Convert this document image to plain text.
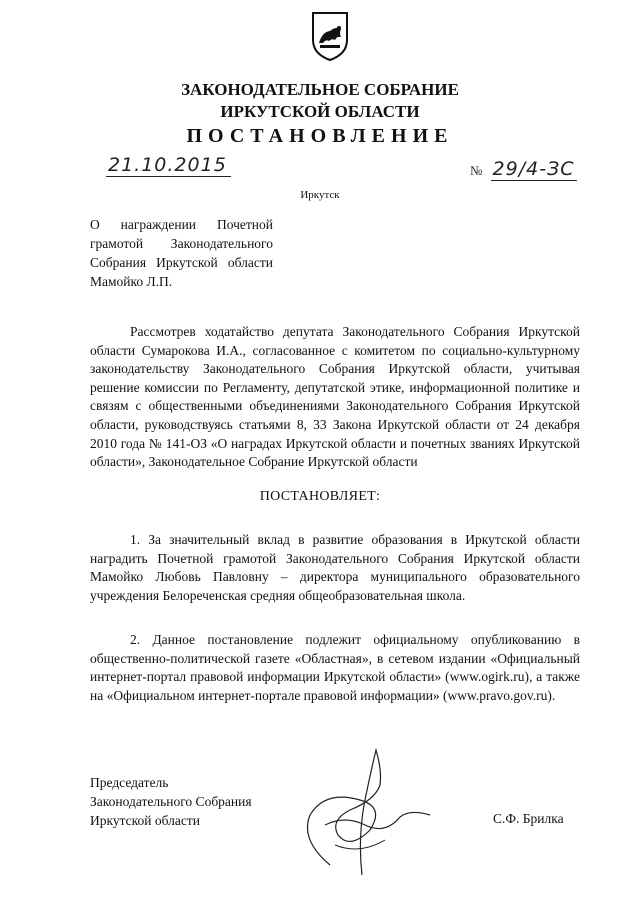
ЗАКОНОДАТЕЛЬНОЕ СОБРАНИЕ
ИРКУТСКОЙ ОБЛАСТИ
ПОСТАНОВЛЕНИЕ
21.10.2015	№ 29/4-ЗС
Иркутск
О награждении Почетной грамотой Законодательного Собрания Иркутской области Мамойко Л.П.

Рассмотрев ходатайство депутата Законодательного Собрания Иркутской области Сумарокова И.А., согласованное с комитетом по социально-культурному законодательству Законодательного Собрания Иркутской области, учитывая решение комиссии по Регламенту, депутатской этике, информационной политике и связям с общественными объединениями Законодательного Собрания Иркутской области, руководствуясь статьями 8, 33 Закона Иркутской области от 24 декабря 2010 года № 141-ОЗ «О наградах Иркутской области и почетных званиях Иркутской области», Законодательное Собрание Иркутской области

ПОСТАНОВЛЯЕТ:

1. За значительный вклад в развитие образования в Иркутской области наградить Почетной грамотой Законодательного Собрания Иркутской области Мамойко Любовь Павловну – директора муниципального образовательного учреждения Белореченская средняя общеобразовательная школа.

2. Данное постановление подлежит официальному опубликованию в общественно-политической газете «Областная», в сетевом издании «Официальный интернет-портал правовой информации Иркутской области» (www.ogirk.ru), а также на «Официальном интернет-портале правовой информации» (www.pravo.gov.ru).

Председатель
Законодательного Собрания
Иркутской области	С.Ф. Брилка
